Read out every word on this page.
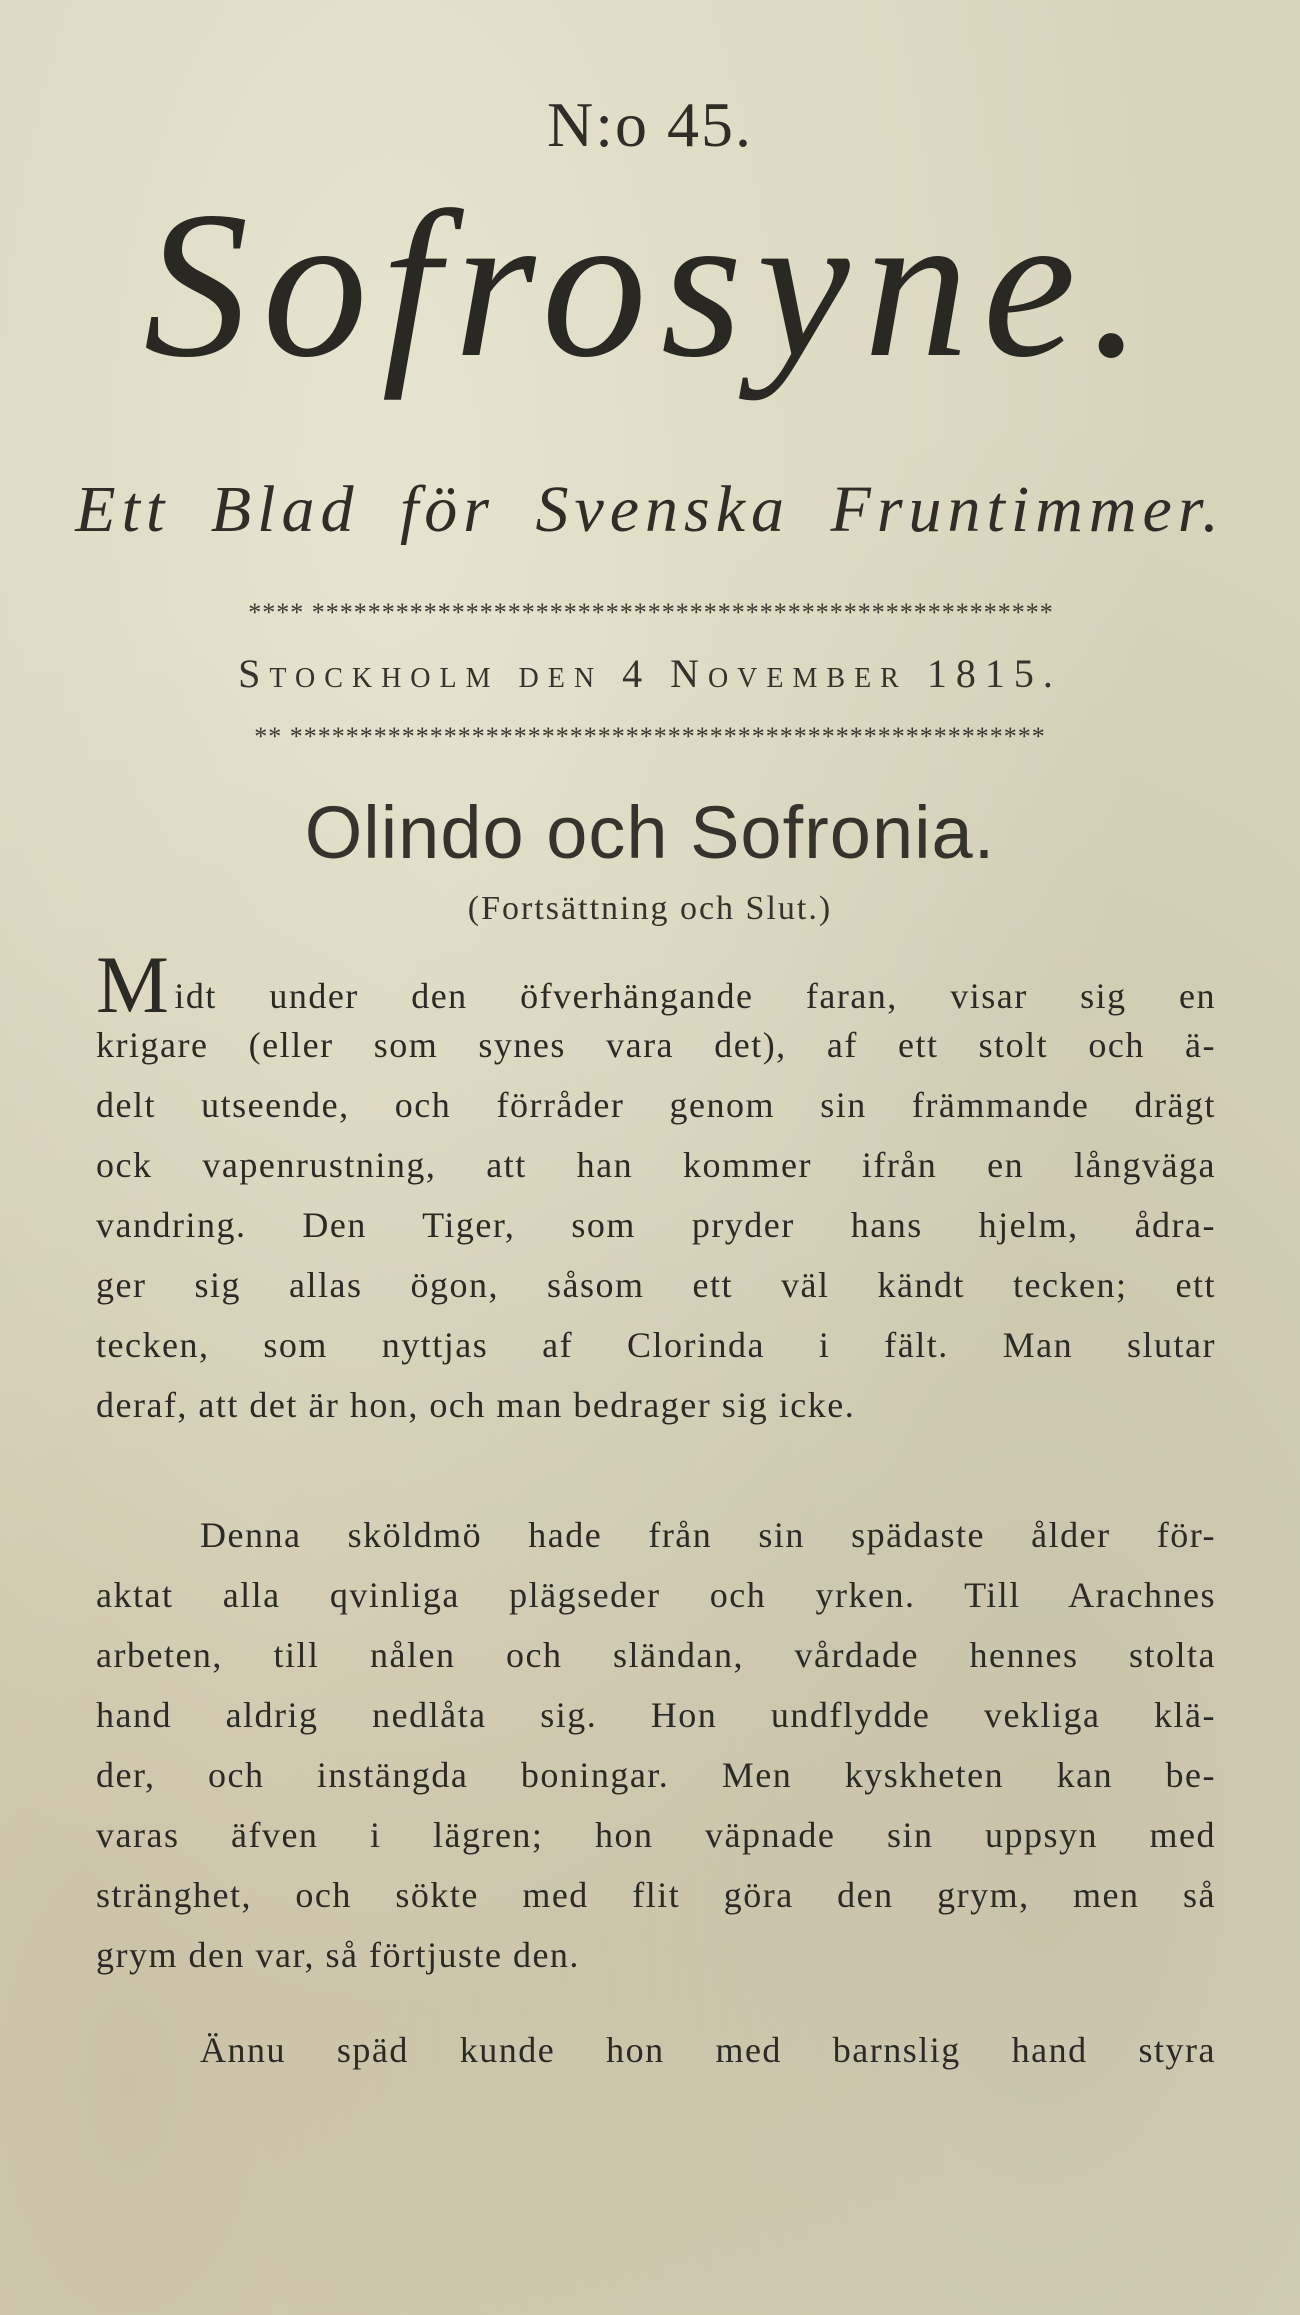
N:o 45.
Sofrosyne.
Ett Blad för Svenska Fruntimmer.
**** *****************************************************
Stockholm den 4 November 1815.
** ******************************************************
Olindo och Sofronia.
(Fortsättning och Slut.)
Midt under den öfverhängande faran, visar sig en
krigare (eller som synes vara det), af ett stolt och ä-
delt utseende, och förråder genom sin främmande drägt
ock vapenrustning, att han kommer ifrån en långväga
vandring. Den Tiger, som pryder hans hjelm, ådra-
ger sig allas ögon, såsom ett väl kändt tecken; ett
tecken, som nyttjas af Clorinda i fält. Man slutar
deraf, att det är hon, och man bedrager sig icke.
Denna sköldmö hade från sin spädaste ålder för-
aktat alla qvinliga plägseder och yrken. Till Arachnes
arbeten, till nålen och sländan, vårdade hennes stolta
hand aldrig nedlåta sig. Hon undflydde vekliga klä-
der, och instängda boningar. Men kyskheten kan be-
varas äfven i lägren; hon väpnade sin uppsyn med
stränghet, och sökte med flit göra den grym, men så
grym den var, så förtjuste den.
Ännu späd kunde hon med barnslig hand styra
